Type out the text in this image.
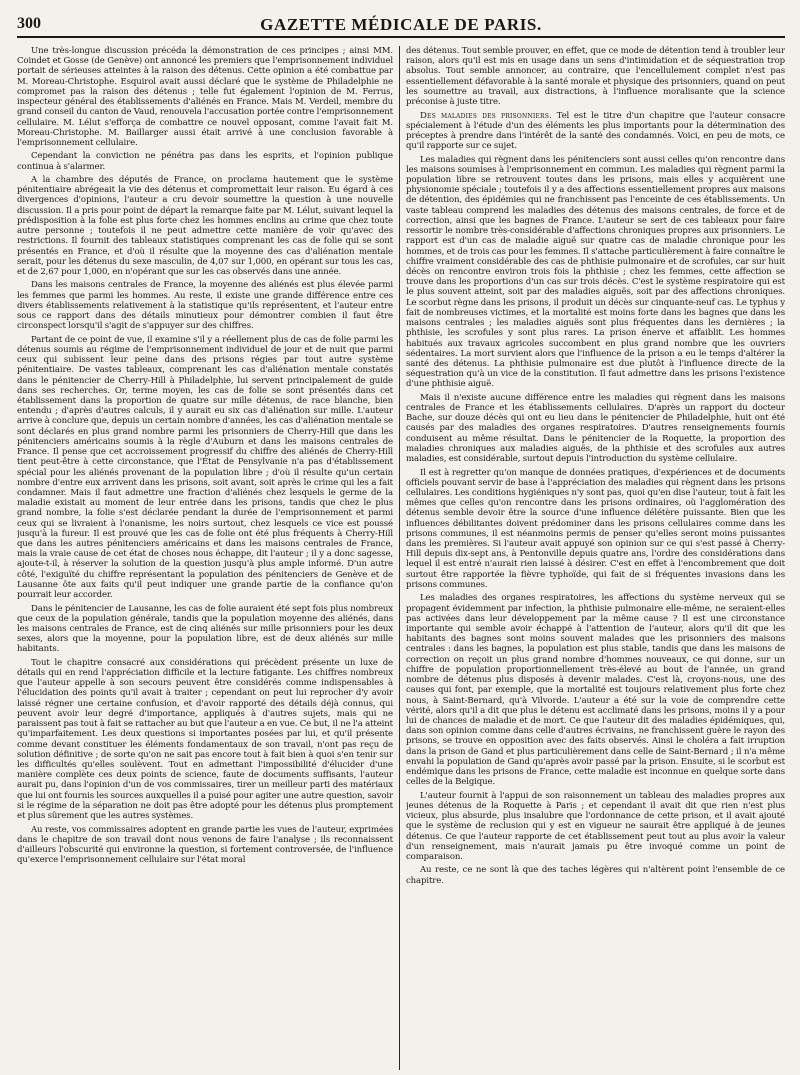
300	GAZETTE MÉDICALE DE PARIS.

Une très-longue discussion précéda la démonstration de ces principes ; ainsi MM. Coindet et Gosse (de Genève) ont annoncé les premiers que l'emprisonnement individuel portait de sérieuses atteintes à la raison des détenus. Cette opinion a été combattue par M. Moreau-Christophe. Esquirol avait aussi déclaré que le système de Philadelphie ne compromet pas la raison des détenus ; telle fut également l'opinion de M. Ferrus, inspecteur général des établissements d'aliénés en France. Mais M. Verdeil, membre du grand conseil du canton de Vaud, renouvela l'accusation portée contre l'emprisonnement cellulaire. M. Lélut s'efforça de combattre ce nouvel opposant, comme l'avait fait M. Moreau-Christophe. M. Baillarger aussi était arrivé à une conclusion favorable à l'emprisonnement cellulaire.

Cependant la conviction ne pénétra pas dans les esprits, et l'opinion publique continua à s'alarmer.

A la chambre des députés de France, on proclama hautement que le système pénitentiaire abrégeait la vie des détenus et compromettait leur raison. Eu égard à ces divergences d'opinions, l'auteur a cru devoir soumettre la question à une nouvelle discussion. Il a pris pour point de départ la remarque faite par M. Lélut, suivant lequel la prédisposition à la folie est plus forte chez les hommes enclins au crime que chez toute autre personne ; toutefois il ne peut admettre cette manière de voir qu'avec des restrictions. Il fournit des tableaux statistiques comprenant les cas de folie qui se sont présentés en France, et d'où il résulte que la moyenne des cas d'aliénation mentale serait, pour les détenus du sexe masculin, de 4,07 sur 1,000, en opérant sur tous les cas, et de 2,67 pour 1,000, en n'opérant que sur les cas observés dans une année.

Dans les maisons centrales de France, la moyenne des aliénés est plus élevée parmi les femmes que parmi les hommes. Au reste, il existe une grande différence entre ces divers établissements relativement à la statistique qu'ils représentent, et l'auteur entre sous ce rapport dans des détails minutieux pour démontrer combien il faut être circonspect lorsqu'il s'agit de s'appuyer sur des chiffres.

Partant de ce point de vue, il examine s'il y a réellement plus de cas de folie parmi les détenus soumis au régime de l'emprisonnement individuel de jour et de nuit que parmi ceux qui subissent leur peine dans des prisons régies par tout autre système pénitentiaire. De vastes tableaux, comprenant les cas d'aliénation mentale constatés dans le pénitencier de Cherry-Hill à Philadelphie, lui servent principalement de guide dans ses recherches. Or, terme moyen, les cas de folie se sont présentés dans cet établissement dans la proportion de quatre sur mille détenus, de race blanche, bien entendu ; d'après d'autres calculs, il y aurait eu six cas d'aliénation sur mille. L'auteur arrive à conclure que, depuis un certain nombre d'années, les cas d'aliénation mentale se sont déclarés en plus grand nombre parmi les prisonniers de Cherry-Hill que dans les pénitenciers américains soumis à la règle d'Auburn et dans les maisons centrales de France. Il pense que cet accroissement progressif du chiffre des aliénés de Cherry-Hill tient peut-être à cette circonstance, que l'État de Pensylvanie n'a pas d'établissement spécial pour les aliénés provenant de la population libre ; d'où il résulte qu'un certain nombre d'entre eux arrivent dans les prisons, soit avant, soit après le crime qui les a fait condamner. Mais il faut admettre une fraction d'aliénés chez lesquels le germe de la maladie existait au moment de leur entrée dans les prisons, tandis que chez le plus grand nombre, la folie s'est déclarée pendant la durée de l'emprisonnement et parmi ceux qui se livraient à l'onanisme, les noirs surtout, chez lesquels ce vice est poussé jusqu'à la fureur. Il est prouvé que les cas de folie ont été plus fréquents à Cherry-Hill que dans les autres pénitenciers américains et dans les maisons centrales de France, mais la vraie cause de cet état de choses nous échappe, dit l'auteur ; il y a donc sagesse, ajoute-t-il, à réserver la solution de la question jusqu'à plus ample informé. D'un autre côté, l'exiguïté du chiffre représentant la population des pénitenciers de Genève et de Lausanne ôte aux faits qu'il peut indiquer une grande partie de la confiance qu'on pourrait leur accorder.

Dans le pénitencier de Lausanne, les cas de folie auraient été sept fois plus nombreux que ceux de la population générale, tandis que la population moyenne des aliénés, dans les maisons centrales de France, est de cinq aliénés sur mille prisonniers pour les deux sexes, alors que la moyenne, pour la population libre, est de deux aliénés sur mille habitants.

Tout le chapitre consacré aux considérations qui précèdent présente un luxe de détails qui en rend l'appréciation difficile et la lecture fatigante. Les chiffres nombreux que l'auteur appelle à son secours peuvent être considérés comme indispensables à l'élucidation des points qu'il avait à traiter ; cependant on peut lui reprocher d'y avoir laissé régner une certaine confusion, et d'avoir rapporté des détails déjà connus, qui peuvent avoir leur degré d'importance, appliqués à d'autres sujets, mais qui ne paraissent pas tout à fait se rattacher au but que l'auteur a en vue. Ce but, il ne l'a atteint qu'imparfaitement. Les deux questions si importantes posées par lui, et qu'il présente comme devant constituer les éléments fondamentaux de son travail, n'ont pas reçu de solution définitive ; de sorte qu'on ne sait pas encore tout à fait bien à quoi s'en tenir sur les difficultés qu'elles soulèvent. Tout en admettant l'impossibilité d'élucider d'une manière complète ces deux points de science, faute de documents suffisants, l'auteur aurait pu, dans l'opinion d'un de vos commissaires, tirer un meilleur parti des matériaux que lui ont fournis les sources auxquelles il a puisé pour agiter une autre question, savoir si le régime de la séparation ne doit pas être adopté pour les détenus plus promptement et plus sûrement que les autres systèmes.

Au reste, vos commissaires adoptent en grande partie les vues de l'auteur, exprimées dans le chapitre de son travail dont nous venons de faire l'analyse ; ils reconnaissent d'ailleurs l'obscurité qui environne la question, si fortement controversée, de l'influence qu'exerce l'emprisonnement cellulaire sur l'état moral

des détenus. Tout semble prouver, en effet, que ce mode de détention tend à troubler leur raison, alors qu'il est mis en usage dans un sens d'intimidation et de séquestration trop absolus. Tout semble annoncer, au contraire, que l'encellulement complet n'est pas essentiellement défavorable à la santé morale et physique des prisonniers, quand on peut les soumettre au travail, aux distractions, à l'influence moralisante que la science préconise à juste titre.

Des maladies des prisonniers. Tel est le titre d'un chapitre que l'auteur consacre spécialement à l'étude d'un des éléments les plus importants pour la détermination des préceptes à prendre dans l'intérêt de la santé des condamnés. Voici, en peu de mots, ce qu'il rapporte sur ce sujet.

Les maladies qui règnent dans les pénitenciers sont aussi celles qu'on rencontre dans les maisons soumises à l'emprisonnement en commun. Les maladies qui règnent parmi la population libre se retrouvent toutes dans les prisons, mais elles y acquièrent une physionomie spéciale ; toutefois il y a des affections essentiellement propres aux maisons de détention, des épidémies qui ne franchissent pas l'enceinte de ces établissements. Un vaste tableau comprend les maladies des détenus des maisons centrales, de force et de correction, ainsi que les bagnes de France. L'auteur se sert de ces tableaux pour faire ressortir le nombre très-considérable d'affections chroniques propres aux prisonniers. Le rapport est d'un cas de maladie aiguë sur quatre cas de maladie chronique pour les hommes, et de trois cas pour les femmes. Il s'attache particulièrement à faire connaître le chiffre vraiment considérable des cas de phthisie pulmonaire et de scrofules, car sur huit décès on rencontre environ trois fois la phthisie ; chez les femmes, cette affection se trouve dans les proportions d'un cas sur trois décès. C'est le système respiratoire qui est le plus souvent atteint, soit par des maladies aiguës, soit par des affections chroniques. Le scorbut règne dans les prisons, il produit un décès sur cinquante-neuf cas. Le typhus y fait de nombreuses victimes, et la mortalité est moins forte dans les bagnes que dans les maisons centrales ; les maladies aiguës sont plus fréquentes dans les dernières ; la phthisie, les scrofules y sont plus rares. La prison énerve et affaiblit. Les hommes habitués aux travaux agricoles succombent en plus grand nombre que les ouvriers sédentaires. La mort survient alors que l'influence de la prison a eu le temps d'altérer la santé des détenus. La phthisie pulmonaire est due plutôt à l'influence directe de la séquestration qu'à un vice de la constitution. Il faut admettre dans les prisons l'existence d'une phthisie aiguë.

Mais il n'existe aucune différence entre les maladies qui règnent dans les maisons centrales de France et les établissements cellulaires. D'après un rapport du docteur Bache, sur douze décès qui ont eu lieu dans le pénitencier de Philadelphie, huit ont été causés par des maladies des organes respiratoires. D'autres renseignements fournis conduisent au même résultat. Dans le pénitencier de la Roquette, la proportion des maladies chroniques aux maladies aiguës, de la phthisie et des scrofules aux autres maladies, est considérable, surtout depuis l'introduction du système cellulaire.

Il est à regretter qu'on manque de données pratiques, d'expériences et de documents officiels pouvant servir de base à l'appréciation des maladies qui règnent dans les prisons cellulaires. Les conditions hygiéniques n'y sont pas, quoi qu'en dise l'auteur, tout à fait les mêmes que celles qu'on rencontre dans les prisons ordinaires, où l'agglomération des détenus semble devoir être la source d'une influence délétère puissante. Bien que les influences débilitantes doivent prédominer dans les prisons cellulaires comme dans les prisons communes, il est néanmoins permis de penser qu'elles seront moins puissantes dans les premières. Si l'auteur avait appuyé son opinion sur ce qui s'est passé à Cherry-Hill depuis dix-sept ans, à Pentonville depuis quatre ans, l'ordre des considérations dans lequel il est entré n'aurait rien laissé à désirer. C'est en effet à l'encombrement que doit surtout être rapportée la fièvre typhoïde, qui fait de si fréquentes invasions dans les prisons communes.

Les maladies des organes respiratoires, les affections du système nerveux qui se propagent évidemment par infection, la phthisie pulmonaire elle-même, ne seraient-elles pas activées dans leur développement par la même cause ? Il est une circonstance importante qui semble avoir échappé à l'attention de l'auteur, alors qu'il dit que les habitants des bagnes sont moins souvent malades que les prisonniers des maisons centrales : dans les bagnes, la population est plus stable, tandis que dans les maisons de correction on reçoit un plus grand nombre d'hommes nouveaux, ce qui donne, sur un chiffre de population proportionnellement très-élevé au bout de l'année, un grand nombre de détenus plus disposés à devenir malades. C'est là, croyons-nous, une des causes qui font, par exemple, que la mortalité est toujours relativement plus forte chez nous, à Saint-Bernard, qu'à Vilvorde. L'auteur a été sur la voie de comprendre cette vérité, alors qu'il a dit que plus le détenu est acclimaté dans les prisons, moins il y a pour lui de chances de maladie et de mort. Ce que l'auteur dit des maladies épidémiques, qui, dans son opinion comme dans celle d'autres écrivains, ne franchissent guère le rayon des prisons, se trouve en opposition avec des faits observés. Ainsi le choléra a fait irruption dans la prison de Gand et plus particulièrement dans celle de Saint-Bernard ; il n'a même envahi la population de Gand qu'après avoir passé par la prison. Ensuite, si le scorbut est endémique dans les prisons de France, cette maladie est inconnue en quelque sorte dans celles de la Belgique.

L'auteur fournit à l'appui de son raisonnement un tableau des maladies propres aux jeunes détenus de la Roquette à Paris ; et cependant il avait dit que rien n'est plus vicieux, plus absurde, plus insalubre que l'ordonnance de cette prison, et il avait ajouté que le système de reclusion qui y est en vigueur ne saurait être appliqué à de jeunes détenus. Ce que l'auteur rapporte de cet établissement peut tout au plus avoir la valeur d'un renseignement, mais n'aurait jamais pu être invoqué comme un point de comparaison.

Au reste, ce ne sont là que des taches légères qui n'altèrent point l'ensemble de ce chapitre.
